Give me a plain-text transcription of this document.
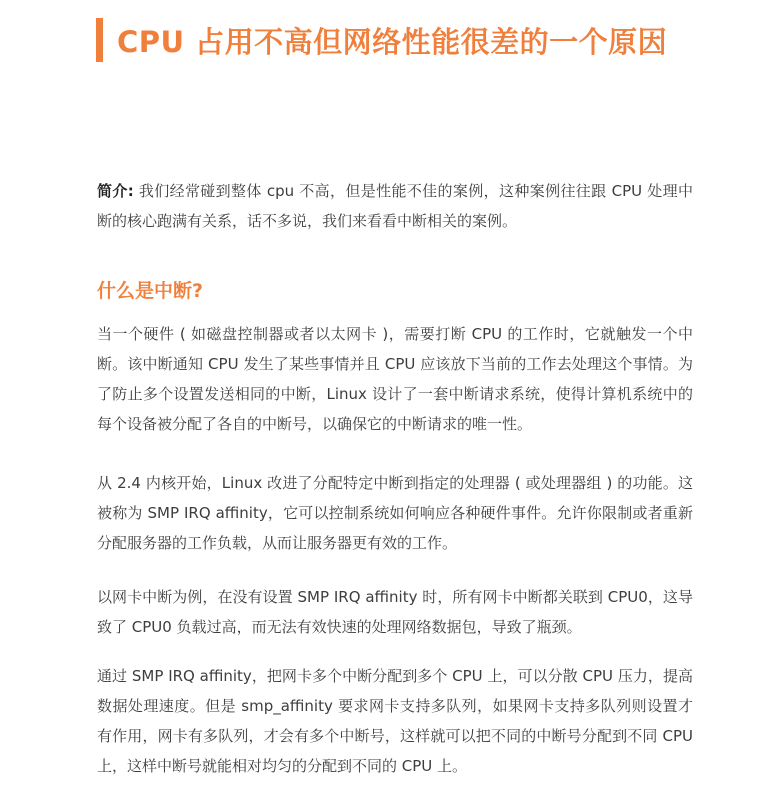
CPU 占用不高但网络性能很差的一个原因

简介: 我们经常碰到整体 cpu 不高，但是性能不佳的案例，这种案例往往跟 CPU 处理中断的核心跑满有关系，话不多说，我们来看看中断相关的案例。

什么是中断?

当一个硬件 ( 如磁盘控制器或者以太网卡 )，需要打断 CPU 的工作时，它就触发一个中断。该中断通知 CPU 发生了某些事情并且 CPU 应该放下当前的工作去处理这个事情。为了防止多个设置发送相同的中断，Linux 设计了一套中断请求系统，使得计算机系统中的每个设备被分配了各自的中断号，以确保它的中断请求的唯一性。

从 2.4 内核开始，Linux 改进了分配特定中断到指定的处理器 ( 或处理器组 ) 的功能。这被称为 SMP IRQ affinity，它可以控制系统如何响应各种硬件事件。允许你限制或者重新分配服务器的工作负载，从而让服务器更有效的工作。

以网卡中断为例，在没有设置 SMP IRQ affinity 时，所有网卡中断都关联到 CPU0，这导致了 CPU0 负载过高，而无法有效快速的处理网络数据包，导致了瓶颈。

通过 SMP IRQ affinity，把网卡多个中断分配到多个 CPU 上，可以分散 CPU 压力，提高数据处理速度。但是 smp_affinity 要求网卡支持多队列，如果网卡支持多队列则设置才有作用，网卡有多队列，才会有多个中断号，这样就可以把不同的中断号分配到不同 CPU 上，这样中断号就能相对均匀的分配到不同的 CPU 上。
